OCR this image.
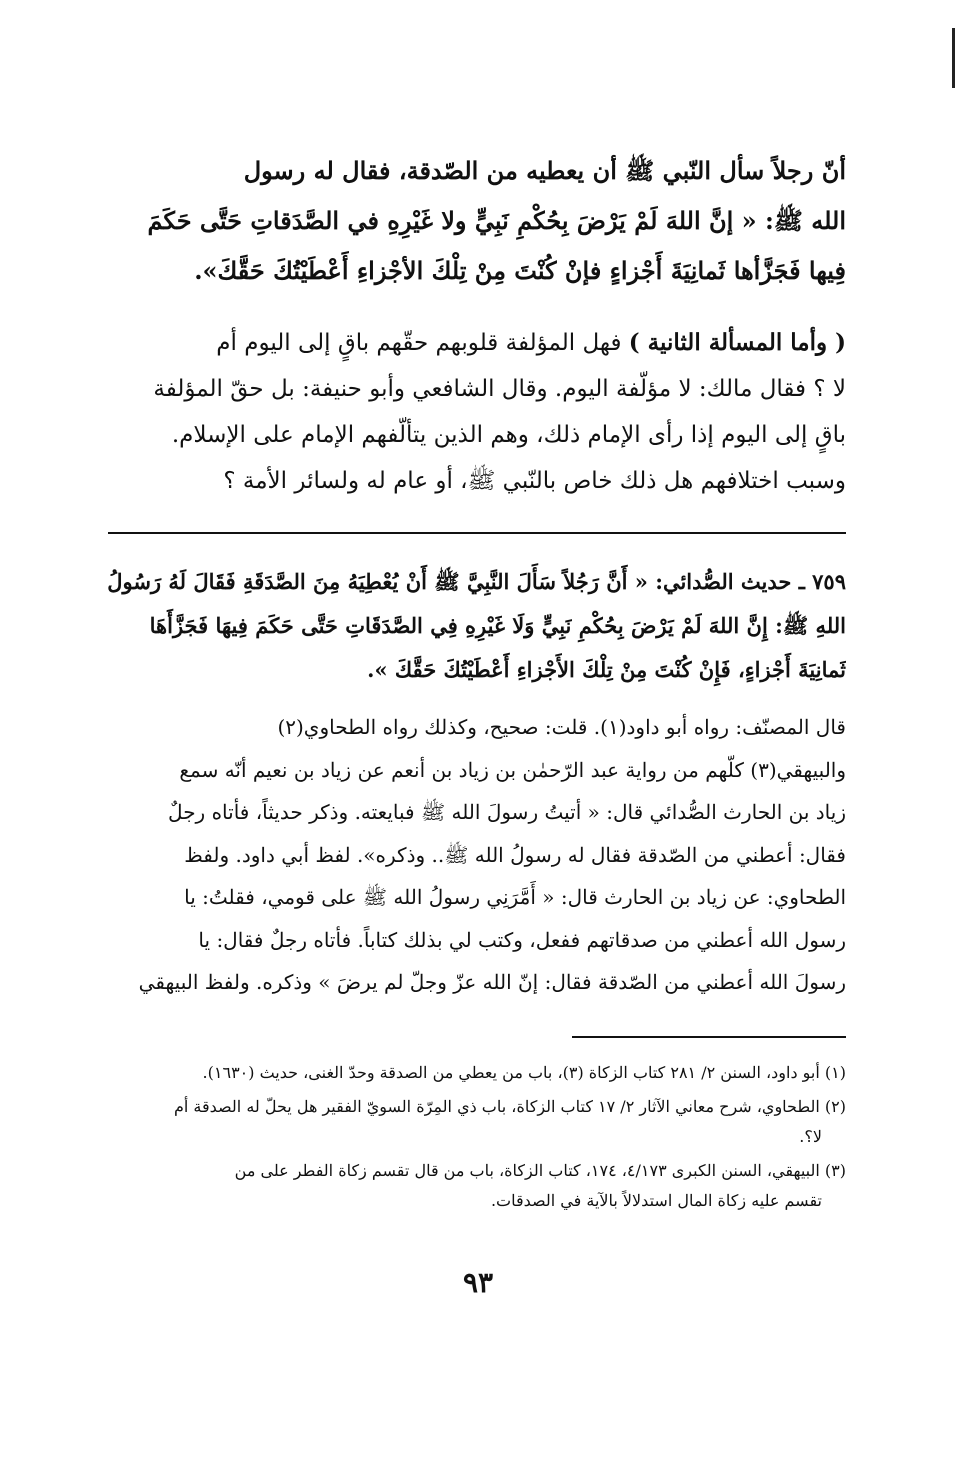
أنّ رجلاً سأل النّبي ﷺ أن يعطيه من الصّدقة، فقال له رسول
الله ﷺ: « إنَّ اللهَ لَمْ يَرْضَ بِحُكْمِ نَبِيٍّ ولا غَيْرِهِ في الصَّدَقاتِ حَتَّى حَكَمَ
فِيها فَجَزَّأها ثَمانِيَةَ أَجْزاءٍ فإنْ كُنْتَ مِنْ تِلْكَ الأجْزاءِ أَعْطَيْتُكَ حَقَّكَ».
( وأما المسألة الثانية ) فهل المؤلفة قلوبهم حقّهم باقٍ إلى اليوم أم
لا ؟ فقال مالك: لا مؤلّفة اليوم. وقال الشافعي وأبو حنيفة: بل حقّ المؤلفة
باقٍ إلى اليوم إذا رأى الإمام ذلك، وهم الذين يتألّفهم الإمام على الإسلام.
وسبب اختلافهم هل ذلك خاص بالنّبي ﷺ، أو عام له ولسائر الأمة ؟
٧٥٩ ـ حديث الصُّدائي: « أَنَّ رَجُلاً سَأَلَ النَّبِيَّ ﷺ أَنْ يُعْطِيَهُ مِنَ الصَّدَقَةِ فَقَالَ لَهُ رَسُولُ
اللهِ ﷺ: إِنَّ اللهَ لَمْ يَرْضَ بِحُكْمِ نَبِيٍّ وَلَا غَيْرِهِ فِي الصَّدَقَاتِ حَتَّى حَكَمَ فِيهَا فَجَزَّأَهَا
ثَمانِيَةَ أَجْزاءٍ، فَإِنْ كُنْتَ مِنْ تِلْكَ الأَجْزاءِ أَعْطَيْتُكَ حَقَّكَ ».
قال المصنّف: رواه أبو داود(١). قلت: صحيح، وكذلك رواه الطحاوي(٢)
والبيهقي(٣) كلّهم من رواية عبد الرّحمٰن بن زياد بن أنعم عن زياد بن نعيم أنّه سمع
زياد بن الحارث الصُّدائي قال: « أتيتُ رسولَ الله ﷺ فبايعته. وذكر حديثاً، فأتاه رجلٌ
فقال: أعطني من الصّدقة فقال له رسولُ الله ﷺ.. وذكره». لفظ أبي داود. ولفظ
الطحاوي: عن زياد بن الحارث قال: « أَمَّرَنِي رسولُ الله ﷺ على قومي، فقلتُ: يا
رسول الله أعطني من صدقاتهم ففعل، وكتب لي بذلك كتاباً. فأتاه رجلٌ فقال: يا
رسولَ الله أعطني من الصّدقة فقال: إنّ الله عزّ وجلّ لم يرضَ » وذكره. ولفظ البيهقي
(١) أبو داود، السنن ٢/ ٢٨١ كتاب الزكاة (٣)، باب من يعطي من الصدقة وحدّ الغنى، حديث (١٦٣٠).
(٢) الطحاوي، شرح معاني الآثار ٢/ ١٧ كتاب الزكاة، باب ذي المِرّة السويّ الفقير هل يحلّ له الصدقة أم
لا؟.
(٣) البيهقي، السنن الكبرى ٤/١٧٣، ١٧٤، كتاب الزكاة، باب من قال تقسم زكاة الفطر على من
تقسم عليه زكاة المال استدلالاً بالآية في الصدقات.
٩٣
